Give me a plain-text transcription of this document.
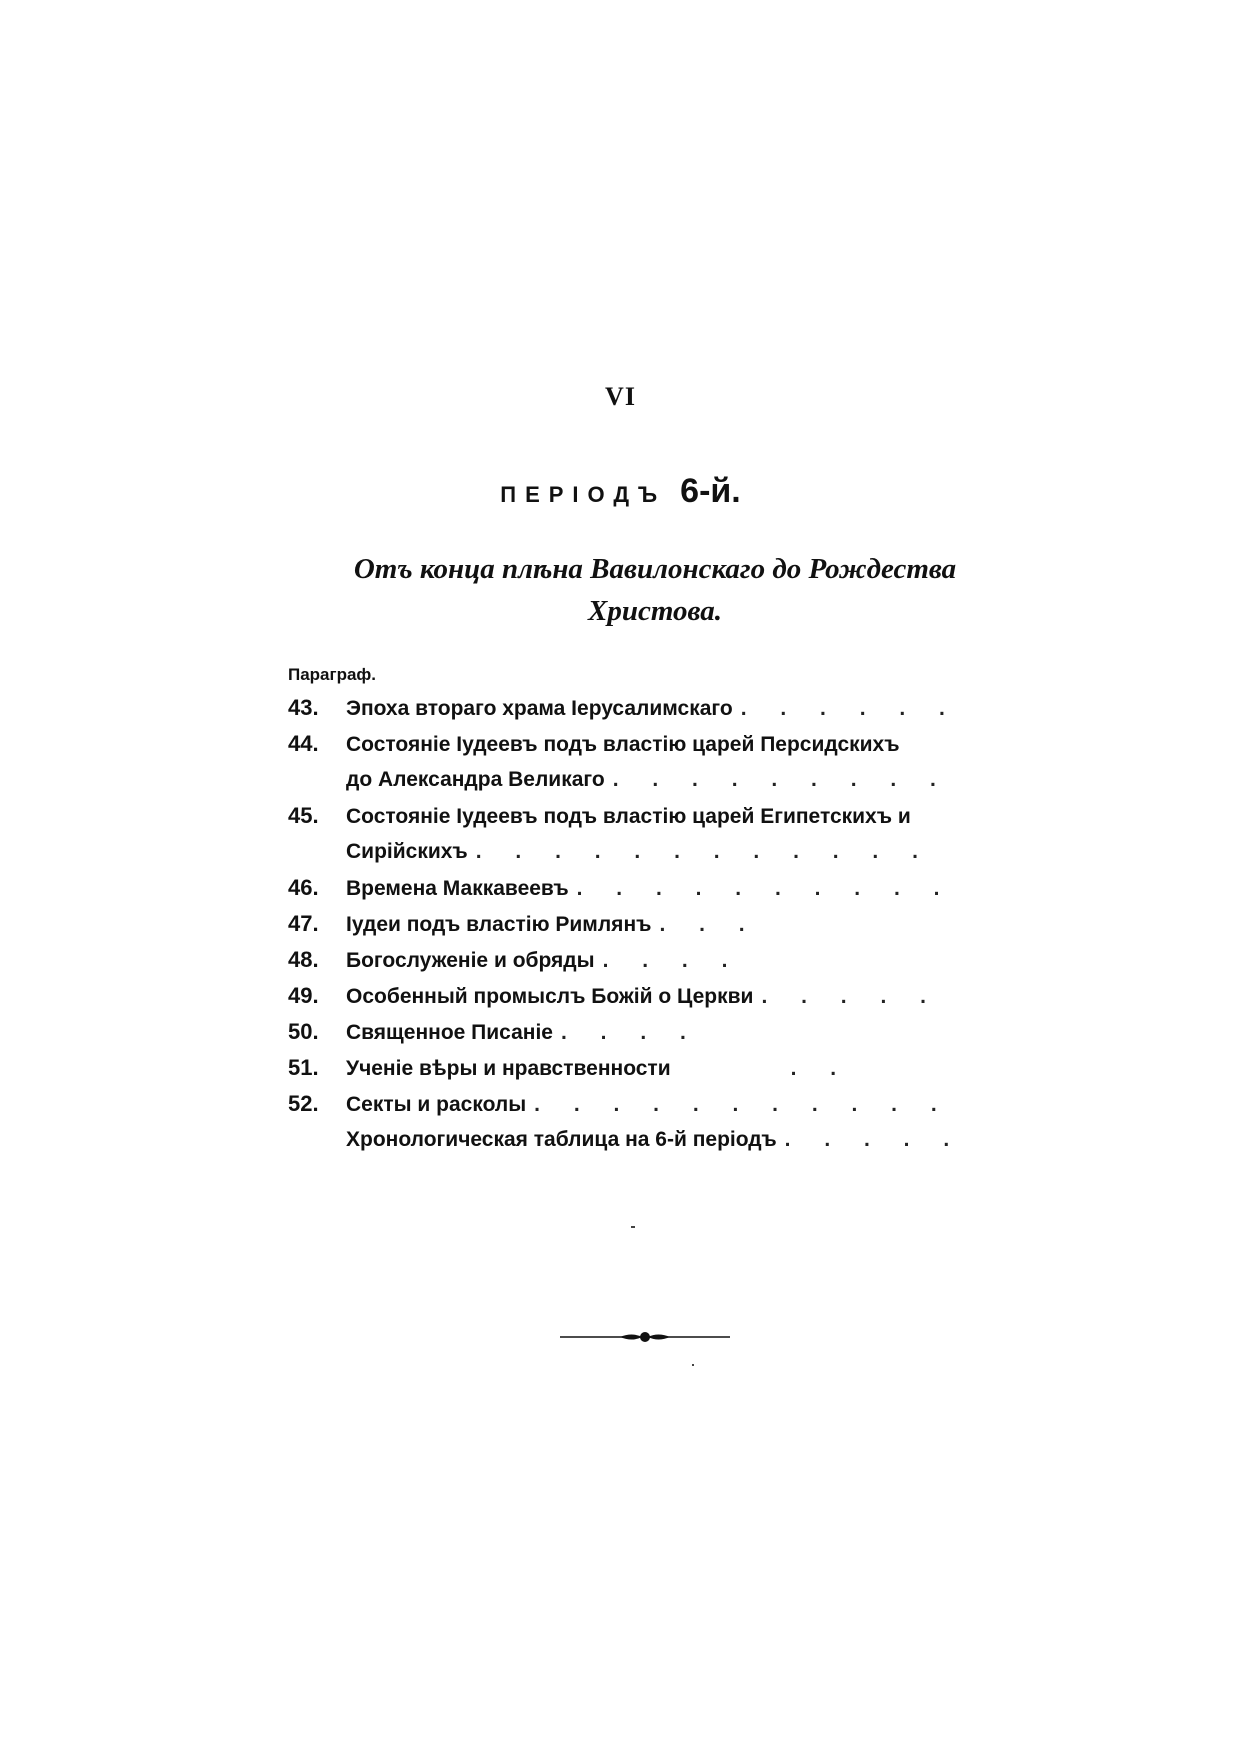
VI
ПЕРІОДЪ 6-й.
Отъ конца плѣна Вавилонскаго до Рождества Христова.
Параграф.
43.	Эпоха втораго храма Іерусалимскаго
. . .
44.	Состояніе Іудеевъ подъ властію царей Персидскихъ
до Александра Великаго
. . .
45.	Состояніе Іудеевъ подъ властію царей Египетскихъ и
Сирійскихъ
. . .
46.	Времена Маккавеевъ
. . .
47.	Іудеи подъ властію Римлянъ
. . .
48.	Богослуженіе и обряды
. . .
49.	Особенный промыслъ Божій о Церкви
. . .
50.	Священное Писаніе
. . .
51.	Ученіе вѣры и нравственности
. . .
52.	Секты и расколы
. . .
Хронологическая таблица на 6-й періодъ
. . .
